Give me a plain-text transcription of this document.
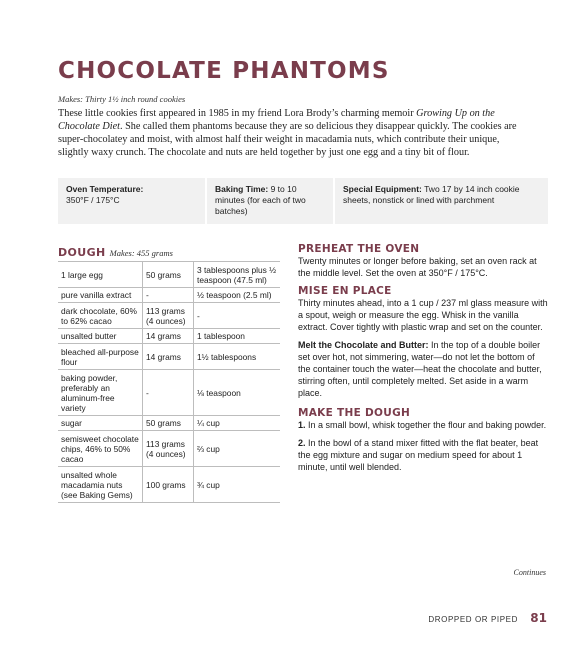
CHOCOLATE PHANTOMS
Makes: Thirty 1½ inch round cookies
These little cookies first appeared in 1985 in my friend Lora Brody’s charming memoir Growing Up on the Chocolate Diet. She called them phantoms because they are so delicious they disappear quickly. The cookies are super-chocolatey and moist, with almost half their weight in macadamia nuts, which contribute their unique, slightly waxy crunch. The chocolate and nuts are held together by just one egg and a tiny bit of flour.
Oven Temperature:
350°F / 175°C
Baking Time: 9 to 10 minutes (for each of two batches)
Special Equipment: Two 17 by 14 inch cookie sheets, nonstick or lined with parchment
DOUGH Makes: 455 grams
1 large egg	50 grams	3 tablespoons plus ½ teaspoon (47.5 ml)
pure vanilla extract	-	½ teaspoon (2.5 ml)
dark chocolate, 60% to 62% cacao	113 grams (4 ounces)	-
unsalted butter	14 grams	1 tablespoon
bleached all-purpose flour	14 grams	1½ tablespoons
baking powder, preferably an aluminum-free variety	-	⅛ teaspoon
sugar	50 grams	¼ cup
semisweet chocolate chips, 46% to 50% cacao	113 grams (4 ounces)	⅔ cup
unsalted whole macadamia nuts (see Baking Gems)	100 grams	¾ cup
PREHEAT THE OVEN

Twenty minutes or longer before baking, set an oven rack at the middle level. Set the oven at 350°F / 175°C.

MISE EN PLACE

Thirty minutes ahead, into a 1 cup / 237 ml glass measure with a spout, weigh or measure the egg. Whisk in the vanilla extract. Cover tightly with plastic wrap and set on the counter.

Melt the Chocolate and Butter: In the top of a double boiler set over hot, not simmering, water—do not let the bottom of the container touch the water—heat the chocolate and butter, stirring often, until completely melted. Set aside in a warm place.

MAKE THE DOUGH

1. In a small bowl, whisk together the flour and baking powder.

2. In the bowl of a stand mixer fitted with the flat beater, beat the egg mixture and sugar on medium speed for about 1 minute, until well blended.

Continues
DROPPED OR PIPED 81
